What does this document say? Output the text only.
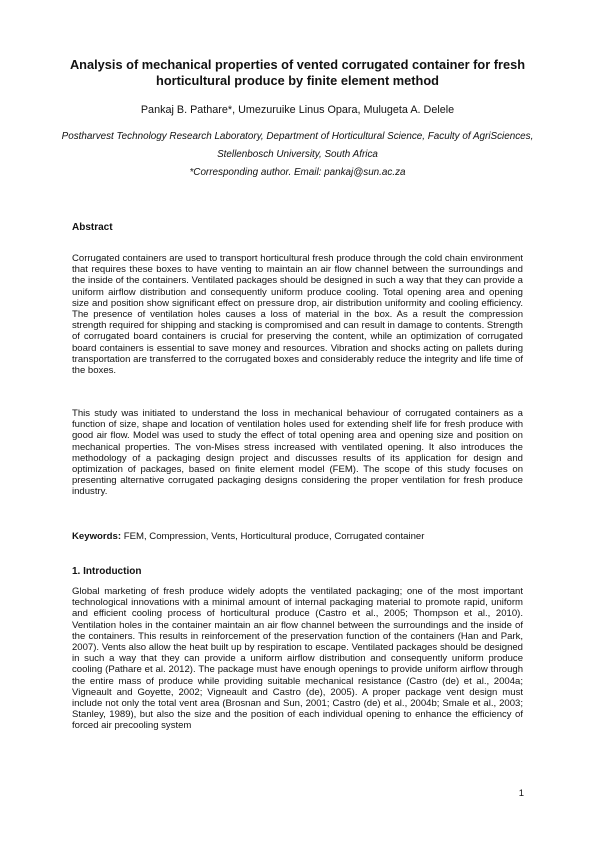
Analysis of mechanical properties of vented corrugated container for fresh horticultural produce by finite element method
Pankaj B. Pathare*, Umezuruike Linus Opara, Mulugeta A. Delele
Postharvest Technology Research Laboratory, Department of Horticultural Science, Faculty of AgriSciences, Stellenbosch University, South Africa
*Corresponding author. Email: pankaj@sun.ac.za
Abstract

Corrugated containers are used to transport horticultural fresh produce through the cold chain environment that requires these boxes to have venting to maintain an air flow channel between the surroundings and the inside of the containers. Ventilated packages should be designed in such a way that they can provide a uniform airflow distribution and consequently uniform produce cooling. Total opening area and opening size and position show significant effect on pressure drop, air distribution uniformity and cooling efficiency. The presence of ventilation holes causes a loss of material in the box. As a result the compression strength required for shipping and stacking is compromised and can result in damage to contents. Strength of corrugated board containers is crucial for preserving the content, while an optimization of corrugated board containers is essential to save money and resources. Vibration and shocks acting on pallets during transportation are transferred to the corrugated boxes and considerably reduce the integrity and life time of the boxes.

This study was initiated to understand the loss in mechanical behaviour of corrugated containers as a function of size, shape and location of ventilation holes used for extending shelf life for fresh produce with good air flow. Model was used to study the effect of total opening area and opening size and position on mechanical properties. The von-Mises stress increased with ventilated opening. It also introduces the methodology of a packaging design project and discusses results of its application for design and optimization of packages, based on finite element model (FEM). The scope of this study focuses on presenting alternative corrugated packaging designs considering the proper ventilation for fresh produce industry.

Keywords: FEM, Compression, Vents, Horticultural produce, Corrugated container
1. Introduction

Global marketing of fresh produce widely adopts the ventilated packaging; one of the most important technological innovations with a minimal amount of internal packaging material to promote rapid, uniform and efficient cooling process of horticultural produce (Castro et al., 2005; Thompson et al., 2010). Ventilation holes in the container maintain an air flow channel between the surroundings and the inside of the containers. This results in reinforcement of the preservation function of the containers (Han and Park, 2007). Vents also allow the heat built up by respiration to escape. Ventilated packages should be designed in such a way that they can provide a uniform airflow distribution and consequently uniform produce cooling (Pathare et al. 2012). The package must have enough openings to provide uniform airflow through the entire mass of produce while providing suitable mechanical resistance (Castro (de) et al., 2004a; Vigneault and Goyette, 2002; Vigneault and Castro (de), 2005). A proper package vent design must include not only the total vent area (Brosnan and Sun, 2001; Castro (de) et al., 2004b; Smale et al., 2003; Stanley, 1989), but also the size and the position of each individual opening to enhance the efficiency of forced air precooling system

1
